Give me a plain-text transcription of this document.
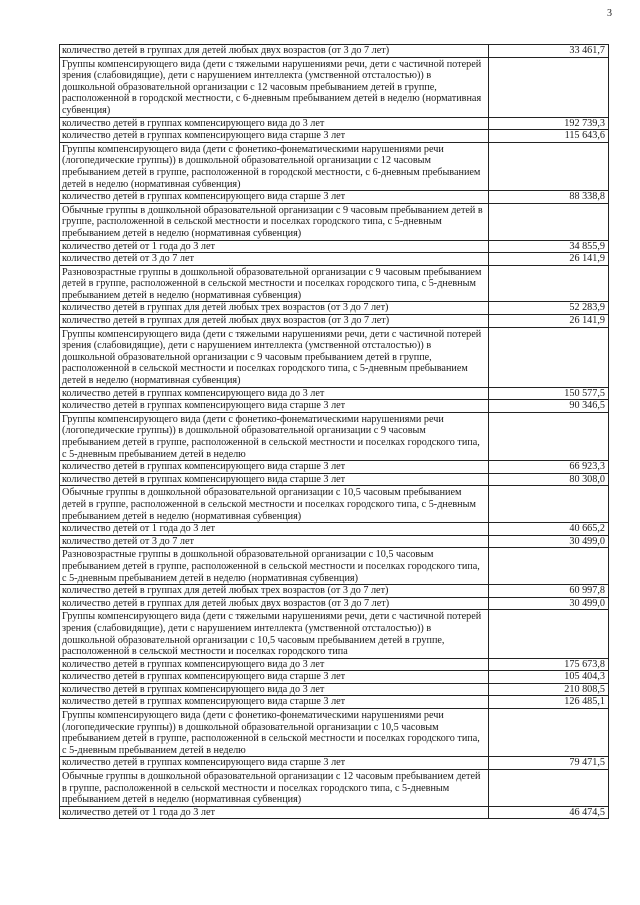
3
количество детей в группах для детей любых двух возрастов (от 3 до 7 лет)	33 461,7
Группы компенсирующего вида (дети с тяжелыми нарушениями речи, дети с частичной потерей зрения (слабовидящие), дети с нарушением интеллекта (умственной отсталостью)) в дошкольной образовательной организации с 12 часовым пребыванием детей в группе, расположенной в городской местности, с 6-дневным пребыванием детей в неделю (нормативная субвенция)	
количество детей в группах компенсирующего вида до 3 лет	192 739,3
количество детей в группах компенсирующего вида старше 3 лет	115 643,6
Группы компенсирующего вида (дети с фонетико-фонематическими нарушениями речи (логопедические группы)) в дошкольной образовательной организации с 12 часовым пребыванием детей в группе, расположенной в городской местности, с 6-дневным пребыванием детей в неделю (нормативная субвенция)	
количество детей в группах компенсирующего вида старше 3 лет	88 338,8
Обычные группы в дошкольной образовательной организации с 9 часовым пребыванием детей в группе, расположенной в сельской местности и поселках городского типа, с 5-дневным пребыванием детей в неделю (нормативная субвенция)	
количество детей от 1 года до 3 лет	34 855,9
количество детей от 3 до 7 лет	26 141,9
Разновозрастные группы в дошкольной образовательной организации с 9 часовым пребыванием детей в группе, расположенной в сельской местности и поселках городского типа, с 5-дневным пребыванием детей в неделю (нормативная субвенция)	
количество детей в группах для детей любых трех возрастов (от 3 до 7 лет)	52 283,9
количество детей в группах для детей любых двух возрастов (от 3 до 7 лет)	26 141,9
Группы компенсирующего вида (дети с тяжелыми нарушениями речи, дети с частичной потерей зрения (слабовидящие), дети с нарушением интеллекта (умственной отсталостью)) в дошкольной образовательной организации с 9 часовым пребыванием детей в группе, расположенной в сельской местности и поселках городского типа, с 5-дневным пребыванием детей в неделю (нормативная субвенция)	
количество детей в группах компенсирующего вида до 3 лет	150 577,5
количество детей в группах компенсирующего вида старше 3 лет	90 346,5
Группы компенсирующего вида (дети с фонетико-фонематическими нарушениями речи (логопедические группы)) в дошкольной образовательной организации с 9 часовым пребыванием детей в группе, расположенной в сельской местности и поселках городского типа, с 5-дневным пребыванием детей в неделю	
количество детей в группах компенсирующего вида старше 3 лет	66 923,3
количество детей в группах компенсирующего вида старше 3 лет	80 308,0
Обычные группы в дошкольной образовательной организации с 10,5 часовым пребыванием детей в группе, расположенной в сельской местности и поселках городского типа, с 5-дневным пребыванием детей в неделю (нормативная субвенция)	
количество детей от 1 года до 3 лет	40 665,2
количество детей от 3 до 7 лет	30 499,0
Разновозрастные группы в дошкольной образовательной организации с 10,5 часовым пребыванием детей в группе, расположенной в сельской местности и поселках городского типа, с 5-дневным пребыванием детей в неделю (нормативная субвенция)	
количество детей в группах для детей любых трех возрастов (от 3 до 7 лет)	60 997,8
количество детей в группах для детей любых двух возрастов (от 3 до 7 лет)	30 499,0
Группы компенсирующего вида (дети с тяжелыми нарушениями речи, дети с частичной потерей зрения (слабовидящие), дети с нарушением интеллекта (умственной отсталостью)) в дошкольной образовательной организации с 10,5 часовым пребыванием детей в группе, расположенной в сельской местности и поселках городского типа	
количество детей в группах компенсирующего вида до 3 лет	175 673,8
количество детей в группах компенсирующего вида старше 3 лет	105 404,3
количество детей в группах компенсирующего вида до 3 лет	210 808,5
количество детей в группах компенсирующего вида старше 3 лет	126 485,1
Группы компенсирующего вида (дети с фонетико-фонематическими нарушениями речи (логопедические группы)) в дошкольной образовательной организации с 10,5 часовым пребыванием детей в группе, расположенной в сельской местности и поселках городского типа, с 5-дневным пребыванием детей в неделю	
количество детей в группах компенсирующего вида старше 3 лет	79 471,5
Обычные группы в дошкольной образовательной организации с 12 часовым пребыванием детей в группе, расположенной в сельской местности и поселках городского типа, с 5-дневным пребыванием детей в неделю (нормативная субвенция)	
количество детей от 1 года до 3 лет	46 474,5
